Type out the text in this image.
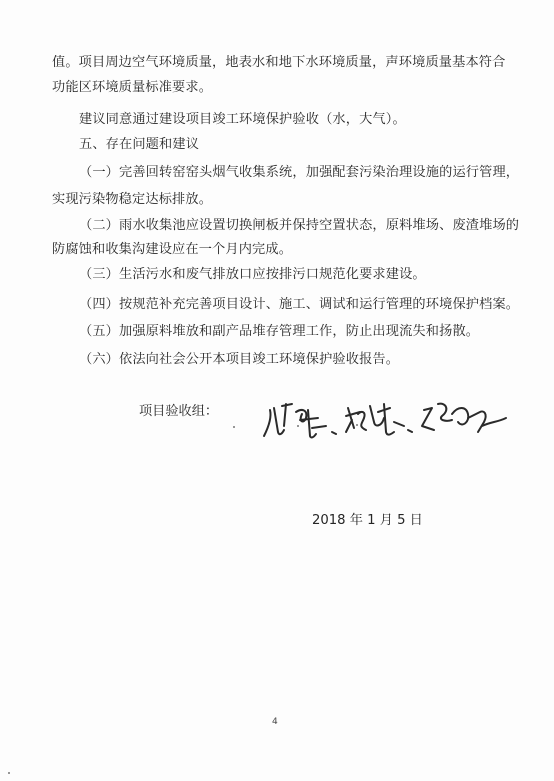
值。项目周边空气环境质量，地表水和地下水环境质量，声环境质量基本符合
功能区环境质量标准要求。
建议同意通过建设项目竣工环境保护验收（水，大气）。
五、存在问题和建议
（一）完善回转窑窑头烟气收集系统，加强配套污染治理设施的运行管理，
实现污染物稳定达标排放。
（二）雨水收集池应设置切换闸板并保持空置状态，原料堆场、废渣堆场的
防腐蚀和收集沟建设应在一个月内完成。
（三）生活污水和废气排放口应按排污口规范化要求建设。
（四）按规范补充完善项目设计、施工、调试和运行管理的环境保护档案。
（五）加强原料堆放和副产品堆存管理工作，防止出现流失和扬散。
（六）依法向社会公开本项目竣工环境保护验收报告。
项目验收组：
2018 年 1 月 5 日
4
